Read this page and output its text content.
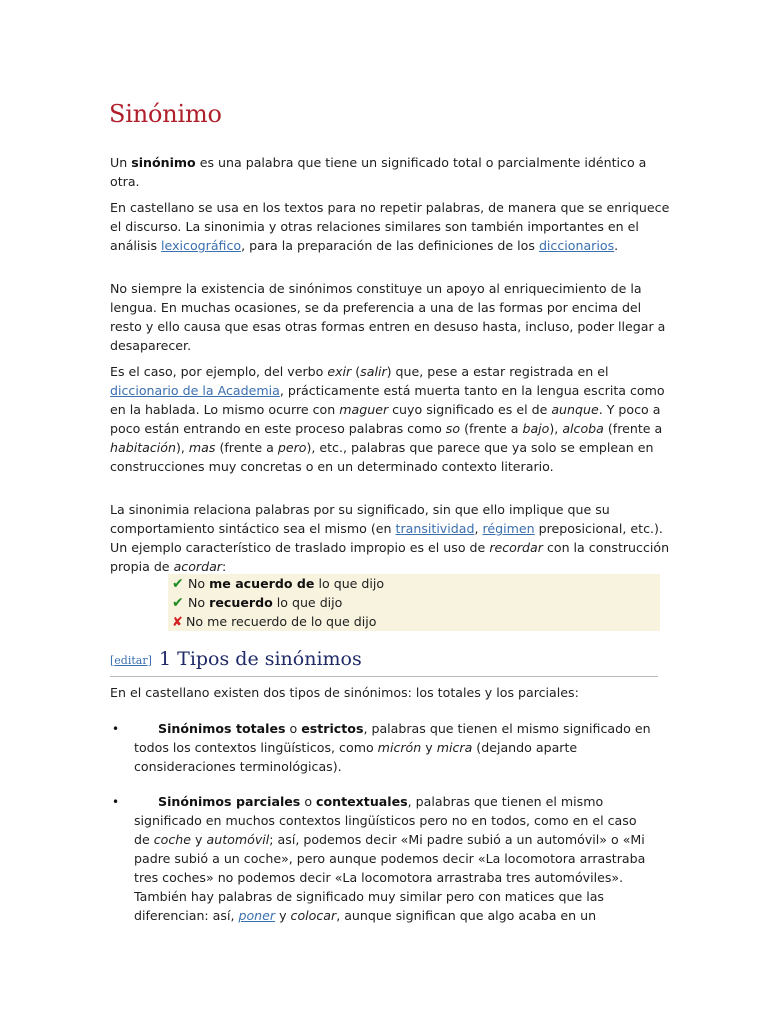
Sinónimo

Un sinónimo es una palabra que tiene un significado total o parcialmente idéntico a otra.

En castellano se usa en los textos para no repetir palabras, de manera que se enriquece el discurso. La sinonimia y otras relaciones similares son también importantes en el análisis lexicográfico, para la preparación de las definiciones de los diccionarios.

No siempre la existencia de sinónimos constituye un apoyo al enriquecimiento de la lengua. En muchas ocasiones, se da preferencia a una de las formas por encima del resto y ello causa que esas otras formas entren en desuso hasta, incluso, poder llegar a desaparecer.

Es el caso, por ejemplo, del verbo exir (salir) que, pese a estar registrada en el diccionario de la Academia, prácticamente está muerta tanto en la lengua escrita como en la hablada. Lo mismo ocurre con maguer cuyo significado es el de aunque. Y poco a poco están entrando en este proceso palabras como so (frente a bajo), alcoba (frente a habitación), mas (frente a pero), etc., palabras que parece que ya solo se emplean en construcciones muy concretas o en un determinado contexto literario.

La sinonimia relaciona palabras por su significado, sin que ello implique que su comportamiento sintáctico sea el mismo (en transitividad, régimen preposicional, etc.). Un ejemplo característico de traslado impropio es el uso de recordar con la construcción propia de acordar:

✔ No me acuerdo de lo que dijo
✔ No recuerdo lo que dijo
✘ No me recuerdo de lo que dijo
[editar] 1 Tipos de sinónimos

En el castellano existen dos tipos de sinónimos: los totales y los parciales:

•	Sinónimos totales o estrictos, palabras que tienen el mismo significado en todos los contextos lingüísticos, como micrón y micra (dejando aparte consideraciones terminológicas).

•	Sinónimos parciales o contextuales, palabras que tienen el mismo significado en muchos contextos lingüísticos pero no en todos, como en el caso de coche y automóvil; así, podemos decir «Mi padre subió a un automóvil» o «Mi padre subió a un coche», pero aunque podemos decir «La locomotora arrastraba tres coches» no podemos decir «La locomotora arrastraba tres automóviles». También hay palabras de significado muy similar pero con matices que las diferencian: así, poner y colocar, aunque significan que algo acaba en un
